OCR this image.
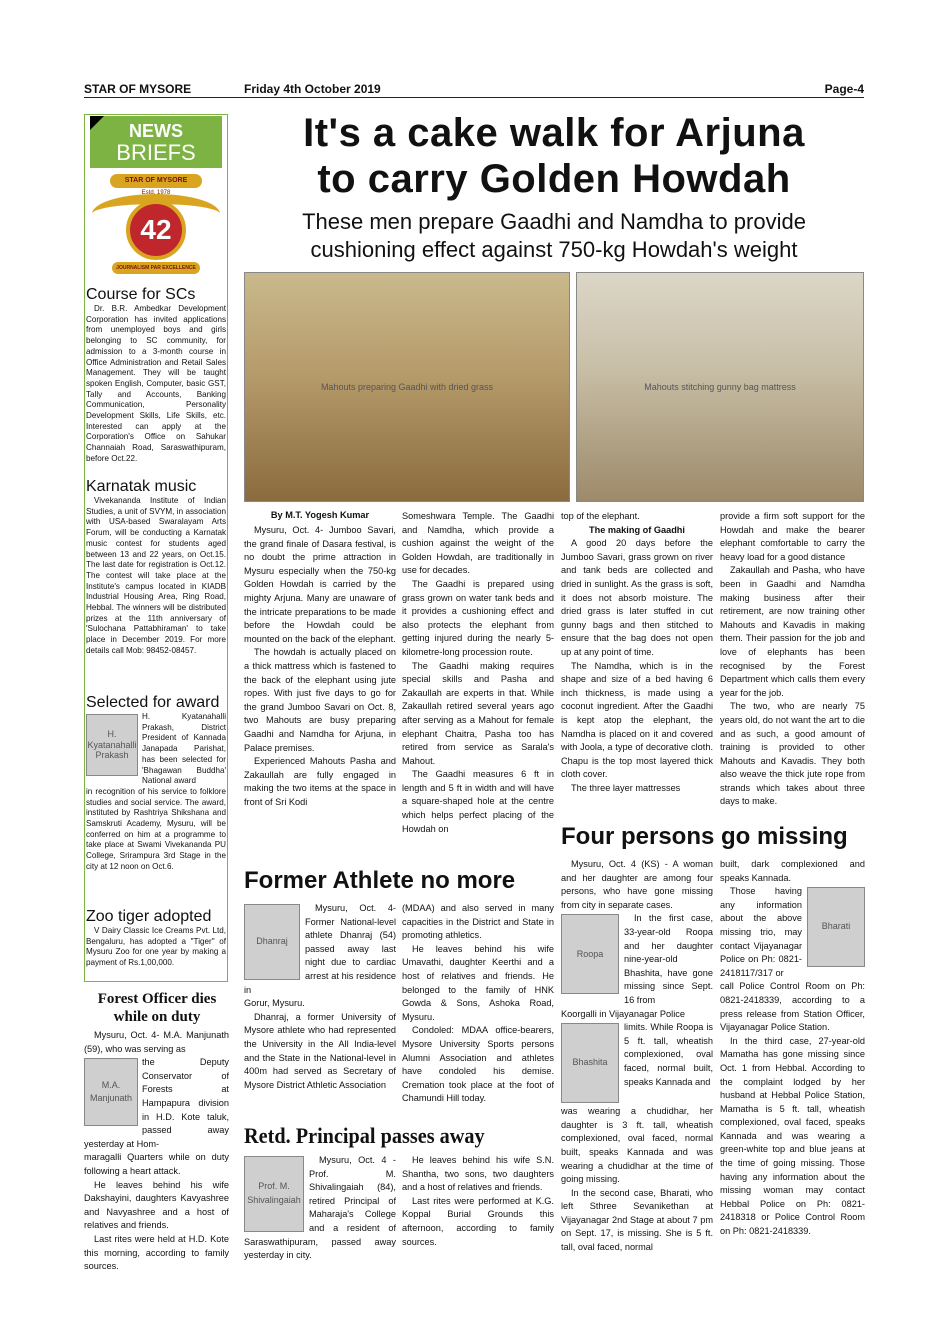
STAR OF MYSORE	Friday 4th October 2019	Page-4
NEWS
BRIEFS
STAR OF MYSORE
Estd. 1978
42
JOURNALISM PAR EXCELLENCE
Course for SCs

Dr. B.R. Ambedkar Development Corporation has invited applications from unemployed boys and girls belonging to SC community, for admission to a 3-month course in Office Administration and Retail Sales Management. They will be taught spoken English, Computer, basic GST, Tally and Accounts, Banking Communication, Personality Development Skills, Life Skills, etc. Interested can apply at the Corporation's Office on Sahukar Channaiah Road, Saraswathipuram, before Oct.22.

Karnatak music

Vivekananda Institute of Indian Studies, a unit of SVYM, in association with USA-based Swaralayam Arts Forum, will be conducting a Karnatak music contest for students aged between 13 and 22 years, on Oct.15. The last date for registration is Oct.12. The contest will take place at the Institute's campus located in KIADB Industrial Housing Area, Ring Road, Hebbal. The winners will be distributed prizes at the 11th anniversary of 'Sulochana Pattabhiraman' to take place in December 2019. For more details call Mob: 98452-08457.

Selected for award
H. Kyatanahalli Prakash

H. Kyatanahalli Prakash, District President of Kannada Janapada Parishat, has been selected for 'Bhagawan Buddha' National award

in recognition of his service to folklore studies and social service. The award, instituted by Rashtriya Shikshana and Samskruti Academy, Mysuru, will be conferred on him at a programme to take place at Swami Vivekananda PU College, Srirampura 3rd Stage in the city at 12 noon on Oct.6.

Zoo tiger adopted

V Dairy Classic Ice Creams Pvt. Ltd, Bengaluru, has adopted a "Tiger" of Mysuru Zoo for one year by making a payment of Rs.1,00,000.

Forest Officer dies
while on duty

Mysuru, Oct. 4- M.A. Manjunath (59), who was serving as

M.A. Manjunath

the Deputy Conservator of Forests at Hampapura division in H.D. Kote taluk, passed away yesterday at Hom-

maragalli Quarters while on duty following a heart attack.

He leaves behind his wife Dakshayini, daughters Kavyashree and Navyashree and a host of relatives and friends.

Last rites were held at H.D. Kote this morning, according to family sources.

It's a cake walk for Arjuna
to carry Golden Howdah
These men prepare Gaadhi and Namdha to provide
cushioning effect against 750-kg Howdah's weight
Mahouts preparing Gaadhi with dried grass	Mahouts stitching gunny bag mattress
By M.T. Yogesh Kumar

Mysuru, Oct. 4- Jumboo Savari, the grand finale of Dasara festival, is no doubt the prime attraction in Mysuru especially when the 750-kg Golden Howdah is carried by the mighty Arjuna. Many are unaware of the intricate preparations to be made before the Howdah could be mounted on the back of the elephant.

The howdah is actually placed on a thick mattress which is fastened to the back of the elephant using jute ropes. With just five days to go for the grand Jumboo Savari on Oct. 8, two Mahouts are busy preparing Gaadhi and Namdha for Arjuna, in Palace premises.

Experienced Mahouts Pasha and Zakaullah are fully engaged in making the two items at the space in front of Sri Kodi

Someshwara Temple. The Gaadhi and Namdha, which provide a cushion against the weight of the Golden Howdah, are traditionally in use for decades.

The Gaadhi is prepared using grass grown on water tank beds and it provides a cushioning effect and also protects the elephant from getting injured during the nearly 5-kilometre-long procession route.

The Gaadhi making requires special skills and Pasha and Zakaullah are experts in that. While Zakaullah retired several years ago after serving as a Mahout for female elephant Chaitra, Pasha too has retired from service as Sarala's Mahout.

The Gaadhi measures 6 ft in length and 5 ft in width and will have a square-shaped hole at the centre which helps perfect placing of the Howdah on

top of the elephant.

The making of Gaadhi

A good 20 days before the Jumboo Savari, grass grown on river and tank beds are collected and dried in sunlight. As the grass is soft, it does not absorb moisture. The dried grass is later stuffed in cut gunny bags and then stitched to ensure that the bag does not open up at any point of time.

The Namdha, which is in the shape and size of a bed having 6 inch thickness, is made using a coconut ingredient. After the Gaadhi is kept atop the elephant, the Namdha is placed on it and covered with Joola, a type of decorative cloth. Chapu is the top most layered thick cloth cover.

The three layer mattresses

provide a firm soft support for the Howdah and make the bearer elephant comfortable to carry the heavy load for a good distance

Zakaullah and Pasha, who have been in Gaadhi and Namdha making business after their retirement, are now training other Mahouts and Kavadis in making them. Their passion for the job and love of elephants has been recognised by the Forest Department which calls them every year for the job.

The two, who are nearly 75 years old, do not want the art to die and as such, a good amount of training is provided to other Mahouts and Kavadis. They both also weave the thick jute rope from strands which takes about three days to make.

Former Athlete no more
Dhanraj

Mysuru, Oct. 4- Former National-level athlete Dhanraj (54) passed away last night due to cardiac arrest at his residence in

Gorur, Mysuru.

Dhanraj, a former University of Mysore athlete who had represented the University in the All India-level and the State in the National-level in 400m had served as Secretary of Mysore District Athletic Association

(MDAA) and also served in many capacities in the District and State in promoting athletics.

He leaves behind his wife Umavathi, daughter Keerthi and a host of relatives and friends. He belonged to the family of HNK Gowda & Sons, Ashoka Road, Mysuru.

Condoled: MDAA office-bearers, Mysore University Sports persons Alumni Association and athletes have condoled his demise. Cremation took place at the foot of Chamundi Hill today.

Retd. Principal passes away
Prof. M. Shivalingaiah

Mysuru, Oct. 4 - Prof. M. Shivalingaiah (84), retired Principal of Maharaja's College and a resident of Saraswathipuram, passed away yesterday in city.

He leaves behind his wife S.N. Shantha, two sons, two daughters and a host of relatives and friends.

Last rites were performed at K.G. Koppal Burial Grounds this afternoon, according to family sources.

Four persons go missing

Mysuru, Oct. 4 (KS) - A woman and her daughter are among four persons, who have gone missing from city in separate cases.

Roopa

In the first case, 33-year-old Roopa and her daughter nine-year-old Bhashita, have gone missing since Sept. 16 from

Koorgalli in Vijayanagar Police

Bhashita

limits. While Roopa is 5 ft. tall, wheatish complexioned, oval faced, normal built, speaks Kannada and

was wearing a chudidhar, her daughter is 3 ft. tall, wheatish complexioned, oval faced, normal built, speaks Kannada and was wearing a chudidhar at the time of going missing.

In the second case, Bharati, who left Sthree Sevanikethan at Vijayanagar 2nd Stage at about 7 pm on Sept. 17, is missing. She is 5 ft. tall, oval faced, normal

built, dark complexioned and speaks Kannada.

Bharati

Those having any information about the above missing trio, may contact Vijayanagar Police on Ph: 0821-2418117/317 or

call Police Control Room on Ph: 0821-2418339, according to a press release from Station Officer, Vijayanagar Police Station.

In the third case, 27-year-old Mamatha has gone missing since Oct. 1 from Hebbal. According to the complaint lodged by her husband at Hebbal Police Station, Mamatha is 5 ft. tall, wheatish complexioned, oval faced, speaks Kannada and was wearing a green-white top and blue jeans at the time of going missing. Those having any information about the missing woman may contact Hebbal Police on Ph: 0821-2418318 or Police Control Room on Ph: 0821-2418339.
